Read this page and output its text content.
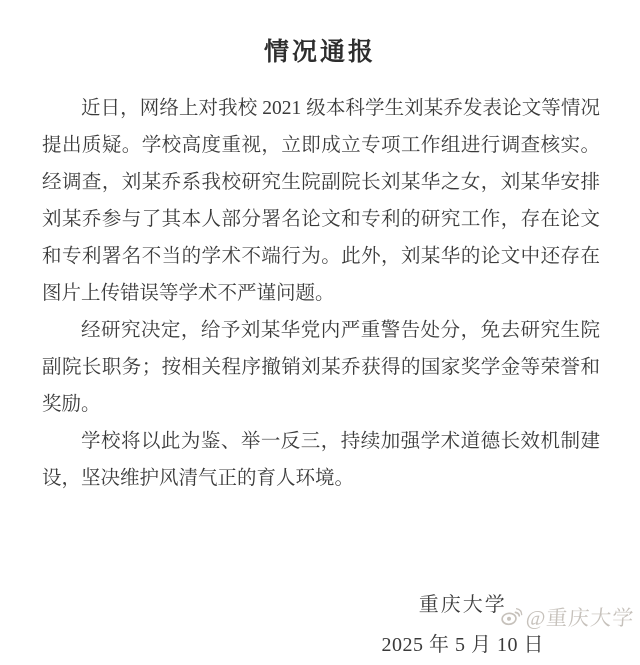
情况通报

近日，网络上对我校 2021 级本科学生刘某乔发表论文等情况提出质疑。学校高度重视，立即成立专项工作组进行调查核实。经调查，刘某乔系我校研究生院副院长刘某华之女，刘某华安排刘某乔参与了其本人部分署名论文和专利的研究工作，存在论文和专利署名不当的学术不端行为。此外，刘某华的论文中还存在图片上传错误等学术不严谨问题。

经研究决定，给予刘某华党内严重警告处分，免去研究生院副院长职务；按相关程序撤销刘某乔获得的国家奖学金等荣誉和奖励。

学校将以此为鉴、举一反三，持续加强学术道德长效机制建设，坚决维护风清气正的育人环境。

重庆大学
2025 年 5 月 10 日
@重庆大学
